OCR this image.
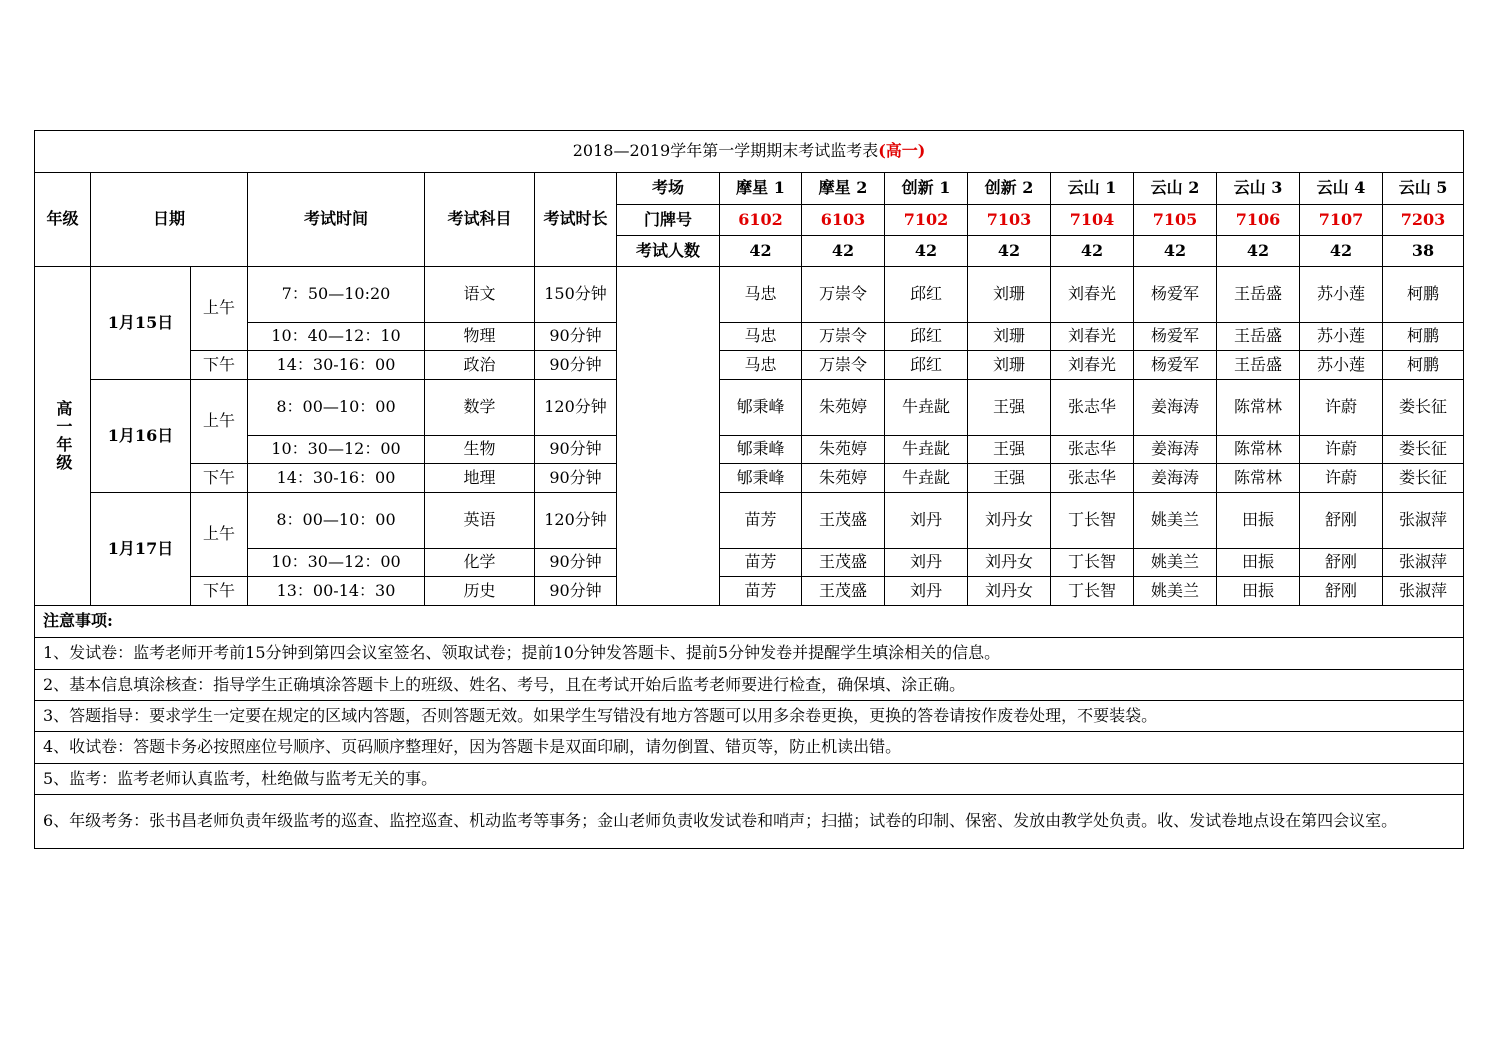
2018—2019学年第一学期期末考试监考表(高一)															
年级	日期		考试时间	考试科目	考试时长	考场	摩星 1	摩星 2	创新 1	创新 2	云山 1	云山 2	云山 3	云山 4	云山 5
						门牌号	6102	6103	7102	7103	7104	7105	7106	7107	7203
						考试人数	42	42	42	42	42	42	42	42	38
高一年级	1月15日	上午	7：50—10:20	语文	150分钟		马忠	万崇令	邱红	刘珊	刘春光	杨爱军	王岳盛	苏小莲	柯鹏
			10：40—12：10	物理	90分钟		马忠	万崇令	邱红	刘珊	刘春光	杨爱军	王岳盛	苏小莲	柯鹏
		下午	14：30-16：00	政治	90分钟		马忠	万崇令	邱红	刘珊	刘春光	杨爱军	王岳盛	苏小莲	柯鹏
	1月16日	上午	8：00—10：00	数学	120分钟		郇秉峰	朱苑婷	牛垚龀	王强	张志华	姜海涛	陈常林	许蔚	娄长征
			10：30—12：00	生物	90分钟		郇秉峰	朱苑婷	牛垚龀	王强	张志华	姜海涛	陈常林	许蔚	娄长征
		下午	14：30-16：00	地理	90分钟		郇秉峰	朱苑婷	牛垚龀	王强	张志华	姜海涛	陈常林	许蔚	娄长征
	1月17日	上午	8：00—10：00	英语	120分钟		苗芳	王茂盛	刘丹	刘丹女	丁长智	姚美兰	田振	舒刚	张淑萍
			10：30—12：00	化学	90分钟		苗芳	王茂盛	刘丹	刘丹女	丁长智	姚美兰	田振	舒刚	张淑萍
		下午	13：00-14：30	历史	90分钟		苗芳	王茂盛	刘丹	刘丹女	丁长智	姚美兰	田振	舒刚	张淑萍
注意事项:															
1、发试卷：监考老师开考前15分钟到第四会议室签名、领取试卷；提前10分钟发答题卡、提前5分钟发卷并提醒学生填涂相关的信息。															
2、基本信息填涂核查：指导学生正确填涂答题卡上的班级、姓名、考号，且在考试开始后监考老师要进行检查，确保填、涂正确。															
3、答题指导：要求学生一定要在规定的区域内答题，否则答题无效。如果学生写错没有地方答题可以用多余卷更换，更换的答卷请按作废卷处理，不要装袋。															
4、收试卷：答题卡务必按照座位号顺序、页码顺序整理好，因为答题卡是双面印刷，请勿倒置、错页等，防止机读出错。															
5、监考：监考老师认真监考，杜绝做与监考无关的事。															
6、年级考务：张书昌老师负责年级监考的巡查、监控巡查、机动监考等事务；金山老师负责收发试卷和哨声；扫描；试卷的印制、保密、发放由教学处负责。收、发试卷地点设在第四会议室。															
